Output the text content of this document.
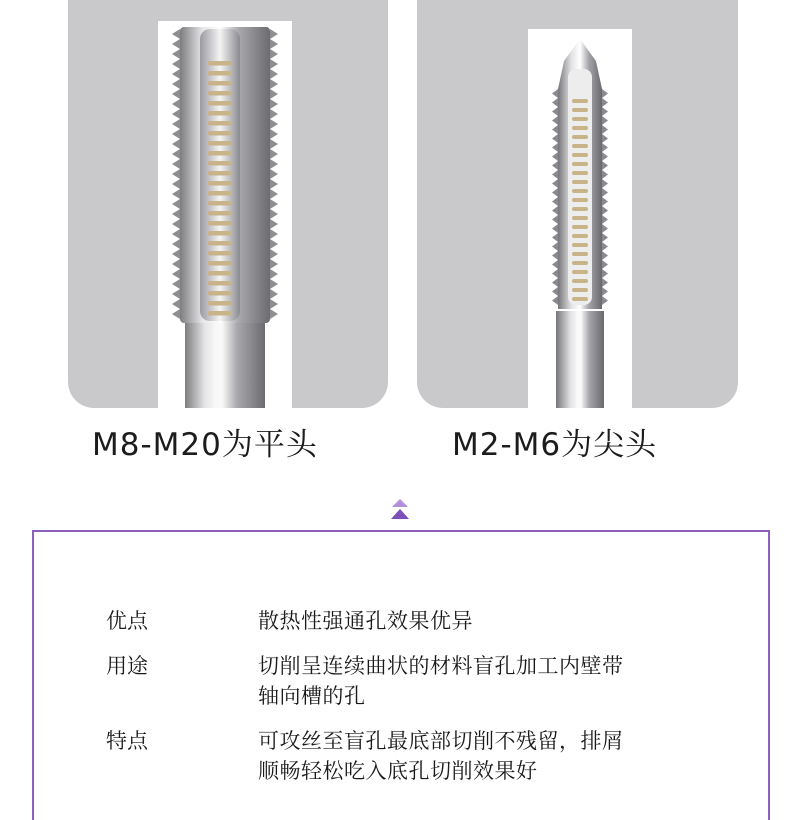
M8-M20为平头	M2-M6为尖头
优点	散热性强通孔效果优异
用途	切削呈连续曲状的材料盲孔加工内壁带
轴向槽的孔
特点	可攻丝至盲孔最底部切削不残留，排屑
顺畅轻松吃入底孔切削效果好
